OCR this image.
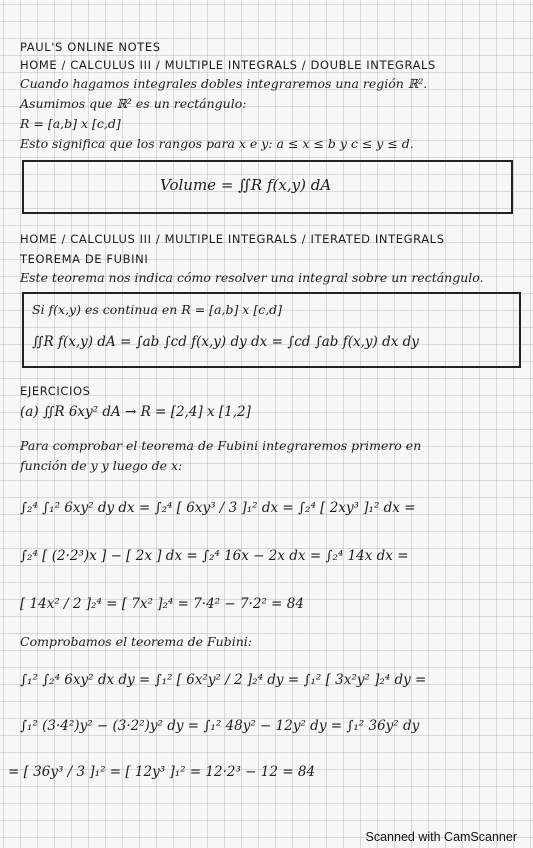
PAUL'S ONLINE NOTES
HOME / CALCULUS III / MULTIPLE INTEGRALS / DOUBLE INTEGRALS
Cuando hagamos integrales dobles integraremos una región ℝ².
Asumimos que ℝ² es un rectángulo:
R = [a,b] x [c,d]
Esto significa que los rangos para x e y: a ≤ x ≤ b y c ≤ y ≤ d.
Volume = ∬R f(x,y) dA
HOME / CALCULUS III / MULTIPLE INTEGRALS / ITERATED INTEGRALS
TEOREMA DE FUBINI
Este teorema nos indica cómo resolver una integral sobre un rectángulo.
Si f(x,y) es continua en R = [a,b] x [c,d]
∬R f(x,y) dA = ∫ab ∫cd f(x,y) dy dx = ∫cd ∫ab f(x,y) dx dy
EJERCICIOS
(a) ∬R 6xy² dA → R = [2,4] x [1,2]
Para comprobar el teorema de Fubini integraremos primero en
función de y y luego de x:
∫₂⁴ ∫₁² 6xy² dy dx = ∫₂⁴ [ 6xy³ / 3 ]₁² dx = ∫₂⁴ [ 2xy³ ]₁² dx =
∫₂⁴ [ (2·2³)x ] − [ 2x ] dx = ∫₂⁴ 16x − 2x dx = ∫₂⁴ 14x dx =
[ 14x² / 2 ]₂⁴ = [ 7x² ]₂⁴ = 7·4² − 7·2² = 84
Comprobamos el teorema de Fubini:
∫₁² ∫₂⁴ 6xy² dx dy = ∫₁² [ 6x²y² / 2 ]₂⁴ dy = ∫₁² [ 3x²y² ]₂⁴ dy =
∫₁² (3·4²)y² − (3·2²)y² dy = ∫₁² 48y² − 12y² dy = ∫₁² 36y² dy
= [ 36y³ / 3 ]₁² = [ 12y³ ]₁² = 12·2³ − 12 = 84
Scanned with CamScanner
